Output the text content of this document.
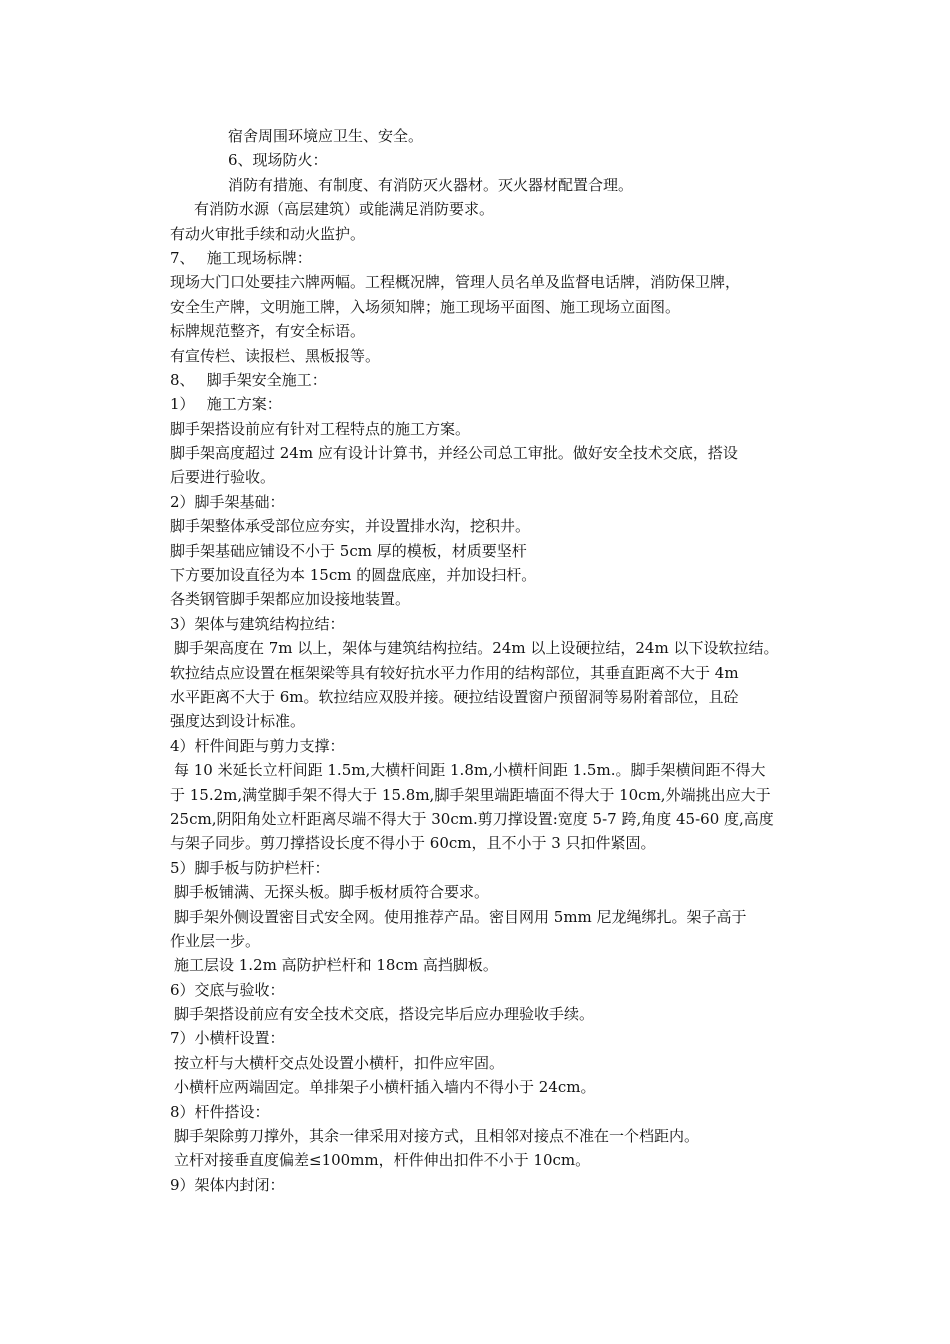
宿舍周围环境应卫生、安全。
6、现场防火：
消防有措施、有制度、有消防灭火器材。灭火器材配置合理。
有消防水源（高层建筑）或能满足消防要求。
有动火审批手续和动火监护。
7、　 施工现场标牌：
现场大门口处要挂六牌两幅。工程概况牌，管理人员名单及监督电话牌，消防保卫牌，
安全生产牌，文明施工牌，入场须知牌；施工现场平面图、施工现场立面图。
标牌规范整齐，有安全标语。
有宣传栏、读报栏、黑板报等。
8、　 脚手架安全施工：
1）　 施工方案：
脚手架搭设前应有针对工程特点的施工方案。
脚手架高度超过 24m 应有设计计算书，并经公司总工审批。做好安全技术交底，搭设
后要进行验收。
2）脚手架基础：
脚手架整体承受部位应夯实，并设置排水沟，挖积井。
脚手架基础应铺设不小于 5cm 厚的模板，材质要坚杆
下方要加设直径为本 15cm 的圆盘底座，并加设扫杆。
各类钢管脚手架都应加设接地装置。
3）架体与建筑结构拉结：
脚手架高度在 7m 以上，架体与建筑结构拉结。24m 以上设硬拉结，24m 以下设软拉结。
软拉结点应设置在框架梁等具有较好抗水平力作用的结构部位，其垂直距离不大于 4m
水平距离不大于 6m。软拉结应双股并接。硬拉结设置窗户预留洞等易附着部位，且砼
强度达到设计标准。
4）杆件间距与剪力支撑：
每 10 米延长立杆间距 1.5m,大横杆间距 1.8m,小横杆间距 1.5m.。脚手架横间距不得大
于 15.2m,满堂脚手架不得大于 15.8m,脚手架里端距墙面不得大于 10cm,外端挑出应大于
25cm,阴阳角处立杆距离尽端不得大于 30cm.剪刀撑设置:宽度 5-7 跨,角度 45-60 度,高度
与架子同步。剪刀撑搭设长度不得小于 60cm，且不小于 3 只扣件紧固。
5）脚手板与防护栏杆：
脚手板铺满、无探头板。脚手板材质符合要求。
脚手架外侧设置密目式安全网。使用推荐产品。密目网用 5mm 尼龙绳绑扎。架子高于
作业层一步。
施工层设 1.2m 高防护栏杆和 18cm 高挡脚板。
6）交底与验收：
脚手架搭设前应有安全技术交底，搭设完毕后应办理验收手续。
7）小横杆设置：
按立杆与大横杆交点处设置小横杆，扣件应牢固。
小横杆应两端固定。单排架子小横杆插入墙内不得小于 24cm。
8）杆件搭设：
脚手架除剪刀撑外，其余一律采用对接方式，且相邻对接点不准在一个档距内。
立杆对接垂直度偏差≤100mm，杆件伸出扣件不小于 10cm。
9）架体内封闭：
